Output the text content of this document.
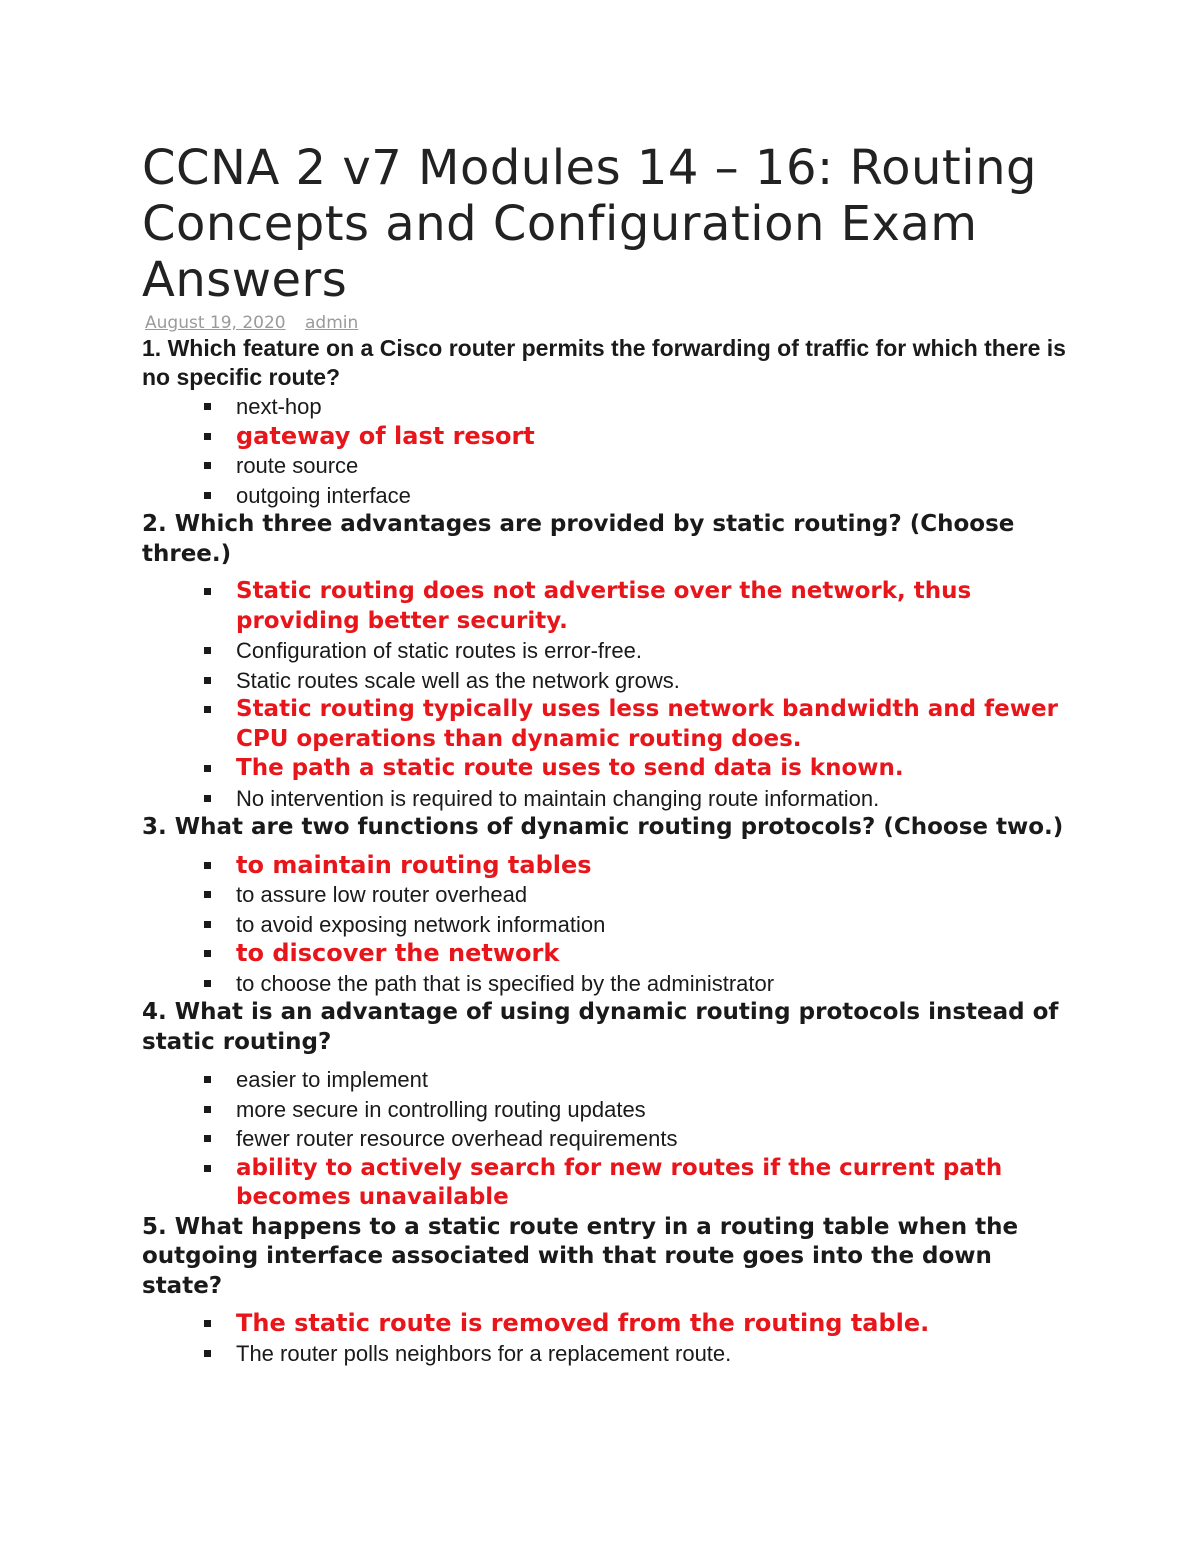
CCNA 2 v7 Modules 14 – 16: Routing Concepts and Configuration Exam Answers
August 19, 2020 admin

1. Which feature on a Cisco router permits the forwarding of traffic for which there is no specific route?

next-hop
gateway of last resort
route source
outgoing interface

2. Which three advantages are provided by static routing? (Choose three.)

Static routing does not advertise over the network, thus providing better security.
Configuration of static routes is error-free.
Static routes scale well as the network grows.
Static routing typically uses less network bandwidth and fewer CPU operations than dynamic routing does.
The path a static route uses to send data is known.
No intervention is required to maintain changing route information.

3. What are two functions of dynamic routing protocols? (Choose two.)

to maintain routing tables
to assure low router overhead
to avoid exposing network information
to discover the network
to choose the path that is specified by the administrator

4. What is an advantage of using dynamic routing protocols instead of static routing?

easier to implement
more secure in controlling routing updates
fewer router resource overhead requirements
ability to actively search for new routes if the current path becomes unavailable

5. What happens to a static route entry in a routing table when the outgoing interface associated with that route goes into the down state?

The static route is removed from the routing table.
The router polls neighbors for a replacement route.
